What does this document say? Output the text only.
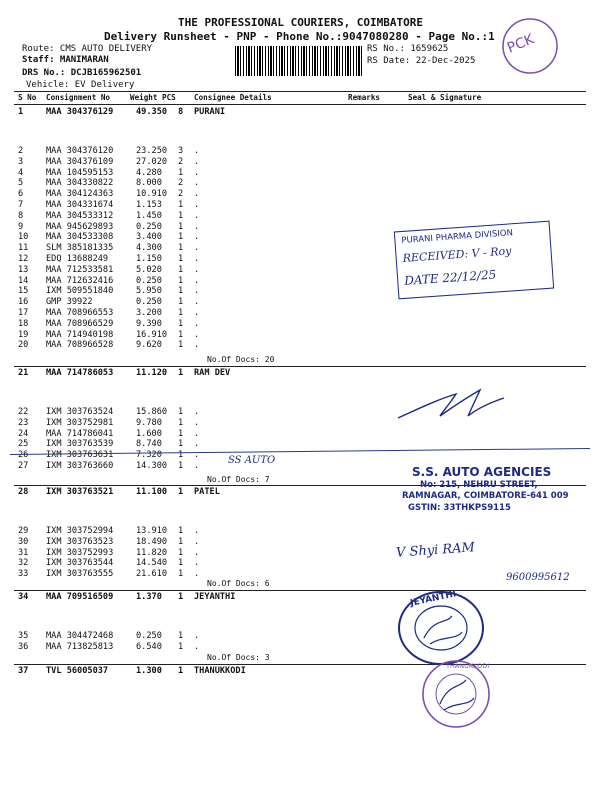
THE PROFESSIONAL COURIERS, COIMBATORE
Delivery Runsheet - PNP - Phone No.:9047080280 - Page No.:1
Route: CMS AUTO DELIVERY
Staff: MANIMARAN
DRS No.: DCJB165962501
Vehicle: EV Delivery
RS No.: 1659625
RS Date: 22-Dec-2025
PCK
S No Consignment No	Weight PCS Consignee Details	Remarks	Seal & Signature
1	MAA 304376129	49.350 8 PURANI
2	MAA 304376120	23.250 3 .
3	MAA 304376109	27.020 2 .
4	MAA 104595153	4.280 1 .
5	MAA 304330822	8.000 2 .
6	MAA 304124363	10.910 2 .
7	MAA 304331674	1.153 1 .
8	MAA 304533312	1.450 1 .
9	MAA 945629893	0.250 1 .
10 MAA 304533308	3.400 1 .
11 SLM 385181335	4.300 1 .
12 EDQ 13688249	1.150 1 .
13 MAA 712533581	5.020 1 .
14 MAA 712632416	0.250 1 .
15 IXM 509551840	5.950 1 .
16 GMP 39922	0.250 1 .
17 MAA 708966553	3.200 1 .
18 MAA 708966529	9.390 1 .
19 MAA 714940198	16.910 1 .
20 MAA 708966528	9.620 1 .
No.Of Docs: 20
21 MAA 714786053	11.120 1 RAM DEV
22 IXM 303763524	15.860 1 .
23 IXM 303752981	9.780 1 .
24 MAA 714786041	1.600 1 .
25 IXM 303763539	8.740 1 .
26 IXM 303763631	7.320 1 .
27 IXM 303763660	14.300 1 .
No.Of Docs: 7
28 IXM 303763521	11.100 1 PATEL
29 IXM 303752994	13.910 1 .
30 IXM 303763523	18.490 1 .
31 IXM 303752993	11.820 1 .
32 IXM 303763544	14.540 1 .
33 IXM 303763555	21.610 1 .
No.Of Docs: 6
34 MAA 709516509	1.370 1 JEYANTHI
35 MAA 304472468	0.250 1 .
36 MAA 713825813	6.540 1 .
No.Of Docs: 3
37 TVL 56005037	1.300 1 THANUKKODI
SS AUTO
PURANI PHARMA DIVISION
RECEIVED: V - Roy
DATE 22/12/25
S.S. AUTO AGENCIES
No: 215, NEHRU STREET,
RAMNAGAR, COIMBATORE-641 009
GSTIN: 33THKPS9115
V Shyi RAM
9600995612
JEYANTHI
THANUKKODI
